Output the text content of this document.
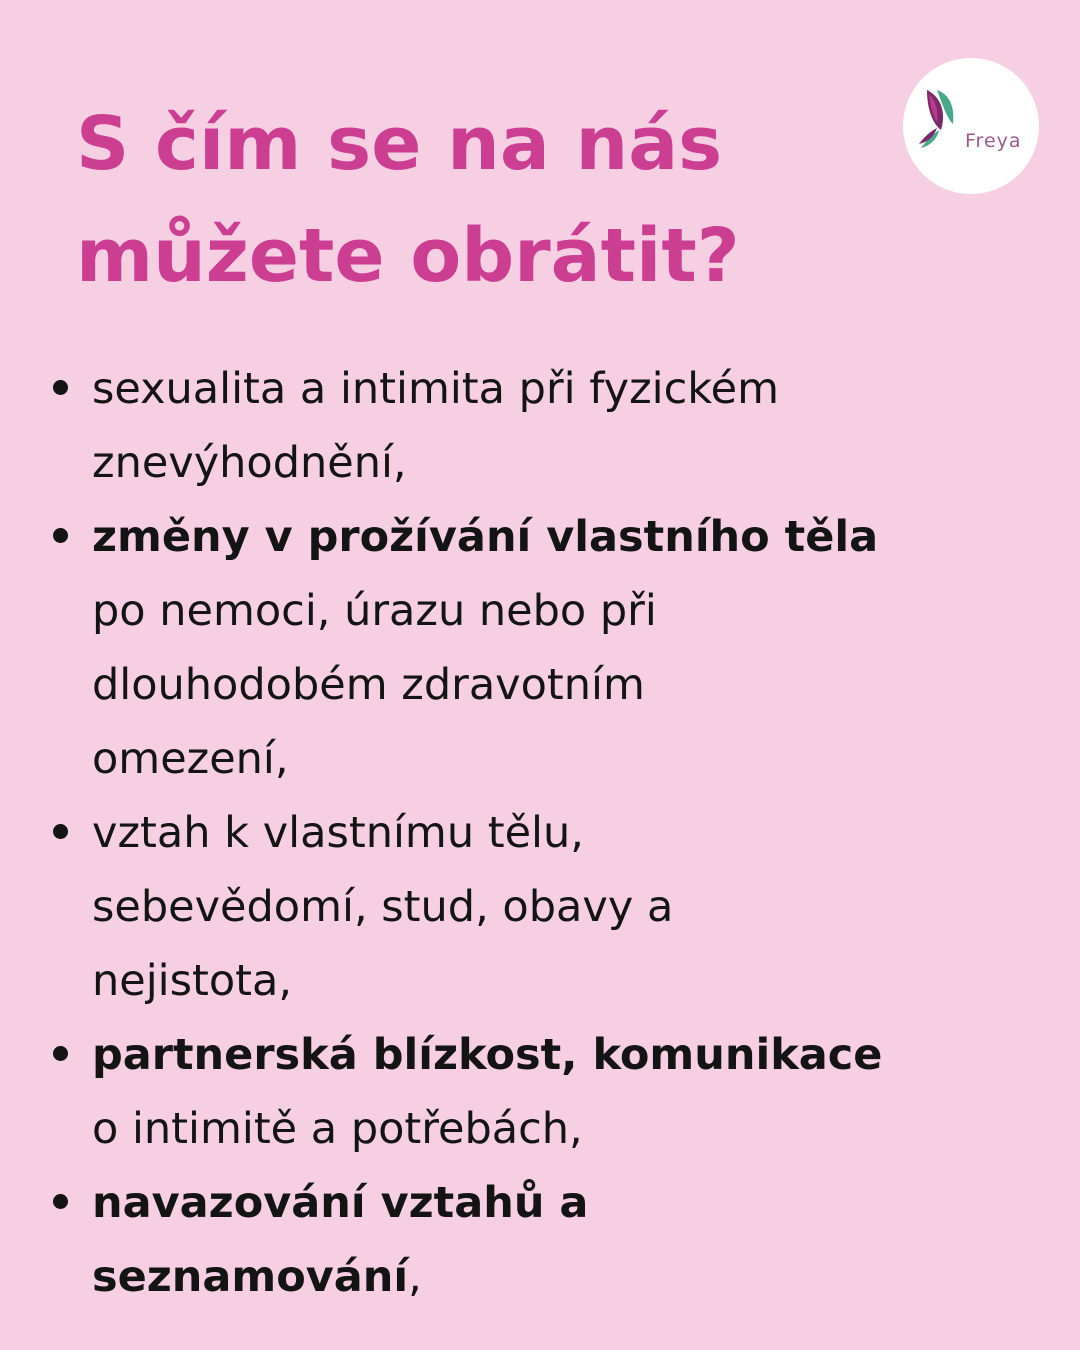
S čím se na nás
můžete obrátit?
Freya

sexualita a intimita při fyzickém
znevýhodnění,

změny v prožívání vlastního těla
po nemoci, úrazu nebo při
dlouhodobém zdravotním
omezení,

vztah k vlastnímu tělu,
sebevědomí, stud, obavy a
nejistota,

partnerská blízkost, komunikace
o intimitě a potřebách,

navazování vztahů a
seznamování,
